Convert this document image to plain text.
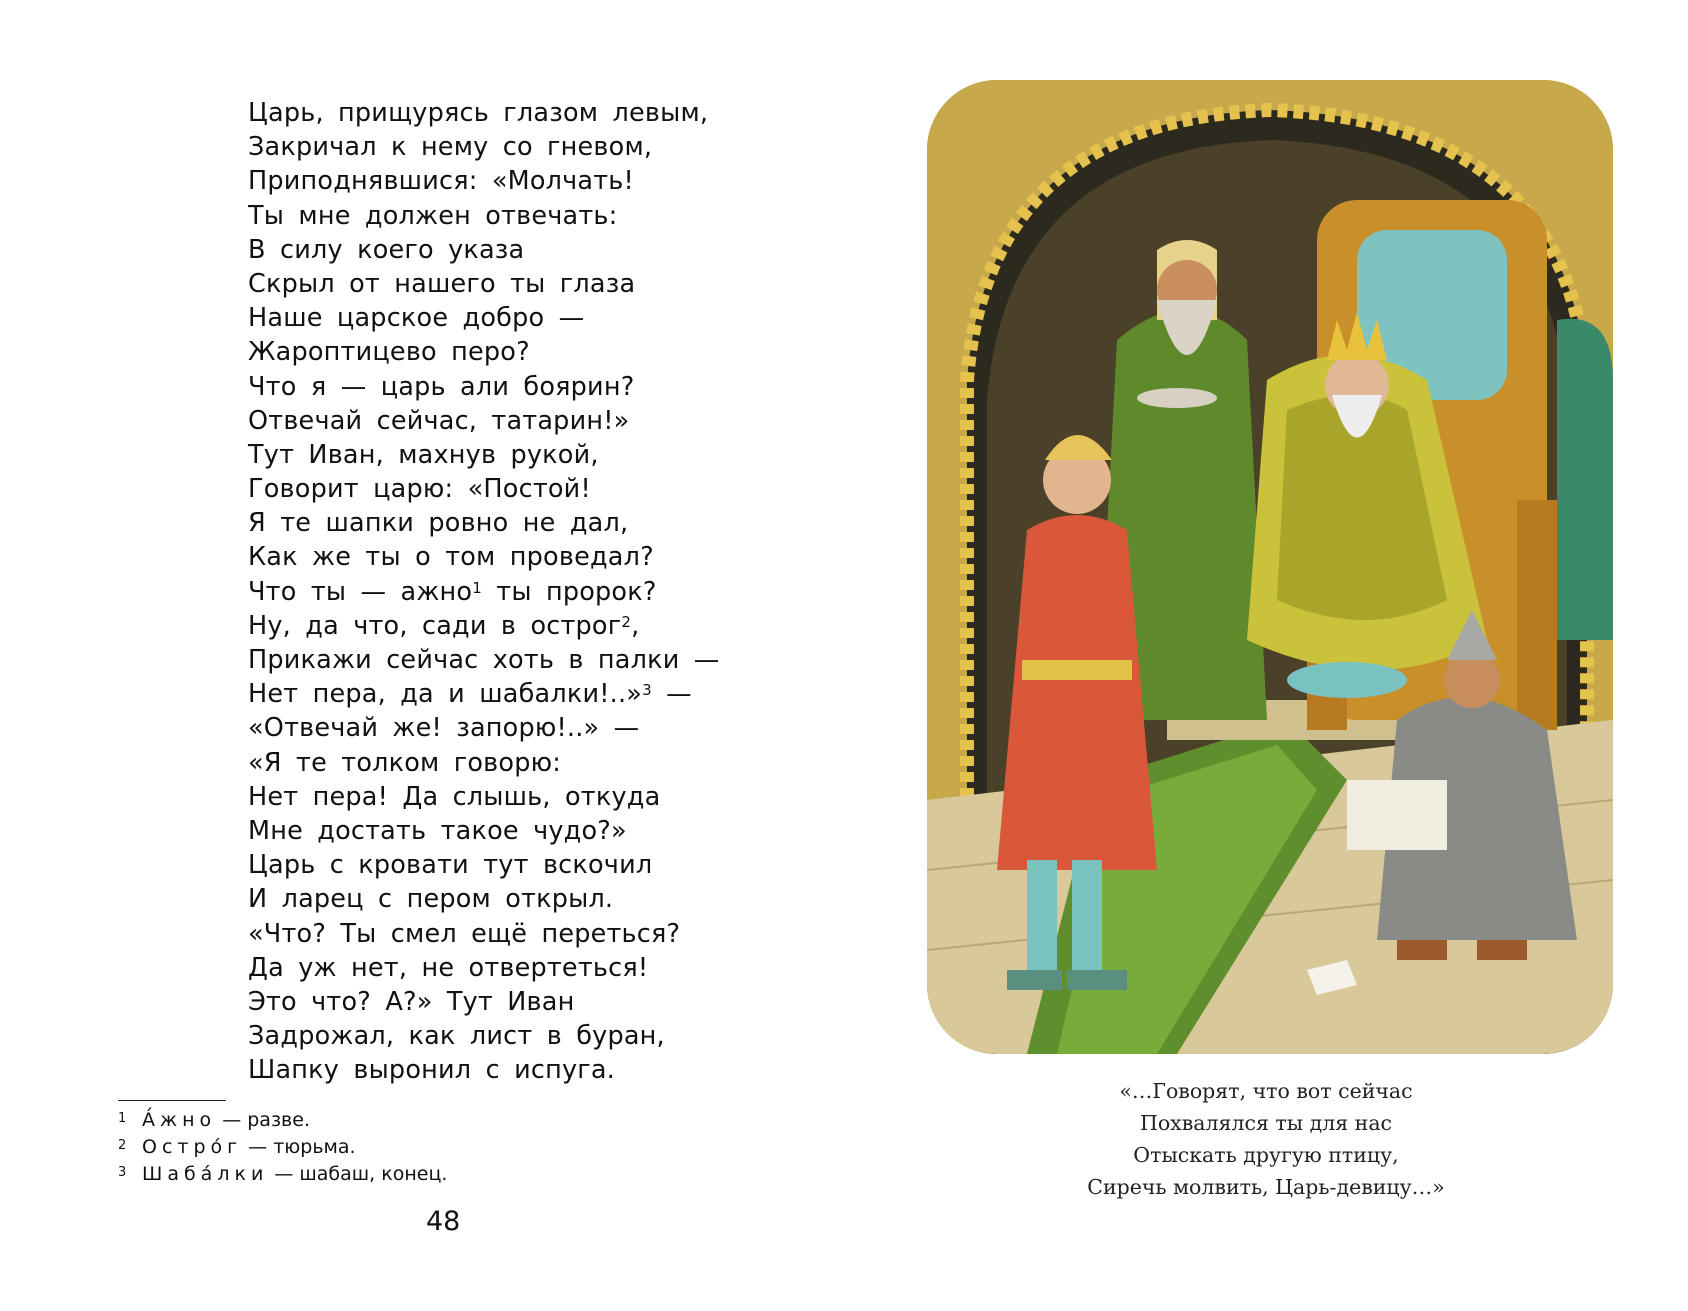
Царь, прищурясь глазом левым,
Закричал к нему со гневом,
Приподнявшися: «Молчать!
Ты мне должен отвечать:
В силу коего указа
Скрыл от нашего ты глаза
Наше царское добро —
Жароптицево перо?
Что я — царь али боярин?
Отвечай сейчас, татарин!»
Тут Иван, махнув рукой,
Говорит царю: «Постой!
Я те шапки ровно не дал,
Как же ты о том проведал?
Что ты — ажно$^1$ ты пророк?
Ну, да что, сади в острог$^2$,
Прикажи сейчас хоть в палки —
Нет пера, да и шабалки!..»$^3$ —
«Отвечай же! запорю!..» —
«Я те толком говорю:
Нет пера! Да слышь, откуда
Мне достать такое чудо?»
Царь с кровати тут вскочил
И ларец с пером открыл.
«Что? Ты смел ещё переться?
Да уж нет, не отвертеться!
Это что? А?» Тут Иван
Задрожал, как лист в буран,
Шапку выронил с испуга.
1 А́жно — разве.
2 Остро́г — тюрьма.
3 Шаба́лки — шабаш, конец.
48
«…Говорят, что вот сейчас
Похвалялся ты для нас
Отыскать другую птицу,
Сиречь молвить, Царь-девицу…»
